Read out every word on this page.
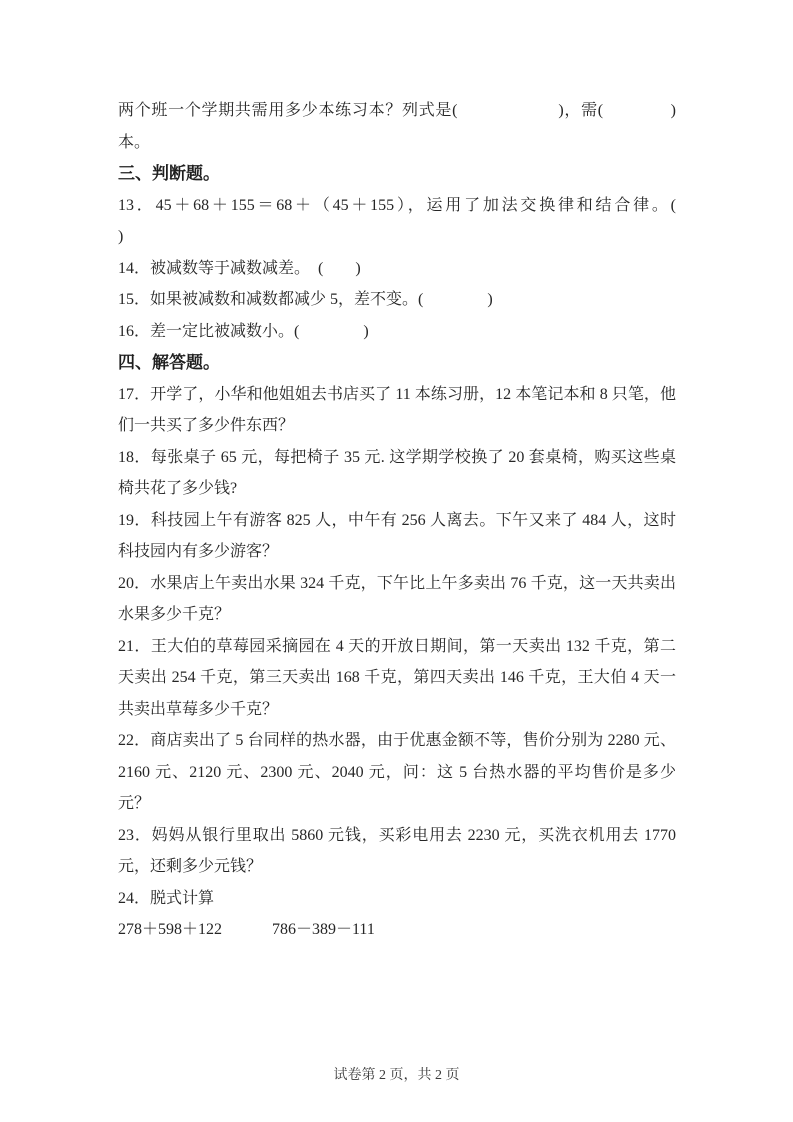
两个班一个学期共需用多少本练习本？列式是(　　　　　　)，需(　　　　)本。

三、判断题。

13．45＋68＋155＝68＋（45＋155），运用了加法交换律和结合律。(　　　　　)

14．被减数等于减数减差。　(　　)

15．如果被减数和减数都减少 5，差不变。(　　　　)

16．差一定比被减数小。(　　　　)

四、解答题。

17．开学了，小华和他姐姐去书店买了 11 本练习册，12 本笔记本和 8 只笔，他们一共买了多少件东西？

18．每张桌子 65 元，每把椅子 35 元. 这学期学校换了 20 套桌椅，购买这些桌椅共花了多少钱?

19．科技园上午有游客 825 人，中午有 256 人离去。下午又来了 484 人，这时科技园内有多少游客？

20．水果店上午卖出水果 324 千克，下午比上午多卖出 76 千克，这一天共卖出水果多少千克？

21．王大伯的草莓园采摘园在 4 天的开放日期间，第一天卖出 132 千克，第二天卖出 254 千克，第三天卖出 168 千克，第四天卖出 146 千克，王大伯 4 天一共卖出草莓多少千克？

22．商店卖出了 5 台同样的热水器，由于优惠金额不等，售价分别为 2280 元、2160 元、2120 元、2300 元、2040 元，问：这 5 台热水器的平均售价是多少元？

23．妈妈从银行里取出 5860 元钱，买彩电用去 2230 元，买洗衣机用去 1770 元，还剩多少元钱？

24．脱式计算

278＋598＋122	786－389－111

试卷第 2 页，共 2 页
